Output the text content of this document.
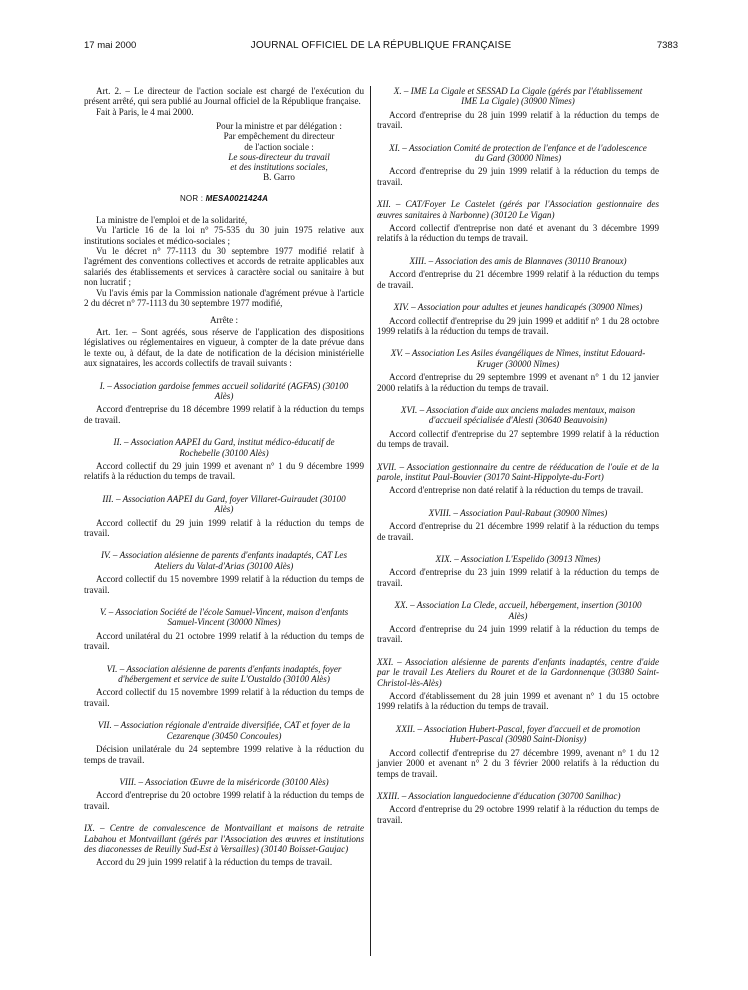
17 mai 2000	JOURNAL OFFICIEL DE LA RÉPUBLIQUE FRANÇAISE	7383

Art. 2. – Le directeur de l'action sociale est chargé de l'exécution du présent arrêté, qui sera publié au Journal officiel de la République française.

Fait à Paris, le 4 mai 2000.

Pour la ministre et par délégation :
Par empêchement du directeur
de l'action sociale :
Le sous-directeur du travail
et des institutions sociales,
B. Garro
NOR : MESA0021424A

La ministre de l'emploi et de la solidarité,

Vu l'article 16 de la loi n° 75-535 du 30 juin 1975 relative aux institutions sociales et médico-sociales ;

Vu le décret n° 77-1113 du 30 septembre 1977 modifié relatif à l'agrément des conventions collectives et accords de retraite applicables aux salariés des établissements et services à caractère social ou sanitaire à but non lucratif ;

Vu l'avis émis par la Commission nationale d'agrément prévue à l'article 2 du décret n° 77-1113 du 30 septembre 1977 modifié,

Arrête :

Art. 1er. – Sont agréés, sous réserve de l'application des dispositions législatives ou réglementaires en vigueur, à compter de la date prévue dans le texte ou, à défaut, de la date de notification de la décision ministérielle aux signataires, les accords collectifs de travail suivants :

I. – Association gardoise femmes accueil solidarité (AGFAS) (30100 Alès)

Accord d'entreprise du 18 décembre 1999 relatif à la réduction du temps de travail.

II. – Association AAPEI du Gard, institut médico-éducatif de Rochebelle (30100 Alès)

Accord collectif du 29 juin 1999 et avenant n° 1 du 9 décembre 1999 relatifs à la réduction du temps de travail.

III. – Association AAPEI du Gard, foyer Villaret-Guiraudet (30100 Alès)

Accord collectif du 29 juin 1999 relatif à la réduction du temps de travail.

IV. – Association alésienne de parents d'enfants inadaptés, CAT Les Ateliers du Valat-d'Arias (30100 Alès)

Accord collectif du 15 novembre 1999 relatif à la réduction du temps de travail.

V. – Association Société de l'école Samuel-Vincent, maison d'enfants Samuel-Vincent (30000 Nîmes)

Accord unilatéral du 21 octobre 1999 relatif à la réduction du temps de travail.

VI. – Association alésienne de parents d'enfants inadaptés, foyer d'hébergement et service de suite L'Oustaldo (30100 Alès)

Accord collectif du 15 novembre 1999 relatif à la réduction du temps de travail.

VII. – Association régionale d'entraide diversifiée, CAT et foyer de la Cezarenque (30450 Concoules)

Décision unilatérale du 24 septembre 1999 relative à la réduction du temps de travail.

VIII. – Association Œuvre de la miséricorde (30100 Alès)

Accord d'entreprise du 20 octobre 1999 relatif à la réduction du temps de travail.

IX. – Centre de convalescence de Montvaillant et maisons de retraite Labahou et Montvaillant (gérés par l'Association des œuvres et institutions des diaconesses de Reuilly Sud-Est à Versailles) (30140 Boisset-Gaujac)

Accord du 29 juin 1999 relatif à la réduction du temps de travail.

X. – IME La Cigale et SESSAD La Cigale (gérés par l'établissement IME La Cigale) (30900 Nîmes)

Accord d'entreprise du 28 juin 1999 relatif à la réduction du temps de travail.

XI. – Association Comité de protection de l'enfance et de l'adolescence du Gard (30000 Nîmes)

Accord d'entreprise du 29 juin 1999 relatif à la réduction du temps de travail.

XII. – CAT/Foyer Le Castelet (gérés par l'Association gestionnaire des œuvres sanitaires à Narbonne) (30120 Le Vigan)

Accord collectif d'entreprise non daté et avenant du 3 décembre 1999 relatifs à la réduction du temps de travail.

XIII. – Association des amis de Blannaves (30110 Branoux)

Accord d'entreprise du 21 décembre 1999 relatif à la réduction du temps de travail.

XIV. – Association pour adultes et jeunes handicapés (30900 Nîmes)

Accord collectif d'entreprise du 29 juin 1999 et additif n° 1 du 28 octobre 1999 relatifs à la réduction du temps de travail.

XV. – Association Les Asiles évangéliques de Nîmes, institut Edouard-Kruger (30000 Nîmes)

Accord d'entreprise du 29 septembre 1999 et avenant n° 1 du 12 janvier 2000 relatifs à la réduction du temps de travail.

XVI. – Association d'aide aux anciens malades mentaux, maison d'accueil spécialisée d'Alesti (30640 Beauvoisin)

Accord collectif d'entreprise du 27 septembre 1999 relatif à la réduction du temps de travail.

XVII. – Association gestionnaire du centre de rééducation de l'ouïe et de la parole, institut Paul-Bouvier (30170 Saint-Hippolyte-du-Fort)

Accord d'entreprise non daté relatif à la réduction du temps de travail.

XVIII. – Association Paul-Rabaut (30900 Nîmes)

Accord d'entreprise du 21 décembre 1999 relatif à la réduction du temps de travail.

XIX. – Association L'Espelido (30913 Nîmes)

Accord d'entreprise du 23 juin 1999 relatif à la réduction du temps de travail.

XX. – Association La Clede, accueil, hébergement, insertion (30100 Alès)

Accord d'entreprise du 24 juin 1999 relatif à la réduction du temps de travail.

XXI. – Association alésienne de parents d'enfants inadaptés, centre d'aide par le travail Les Ateliers du Rouret et de la Gardonnenque (30380 Saint-Christol-lès-Alès)

Accord d'établissement du 28 juin 1999 et avenant n° 1 du 15 octobre 1999 relatifs à la réduction du temps de travail.

XXII. – Association Hubert-Pascal, foyer d'accueil et de promotion Hubert-Pascal (30980 Saint-Dionisy)

Accord collectif d'entreprise du 27 décembre 1999, avenant n° 1 du 12 janvier 2000 et avenant n° 2 du 3 février 2000 relatifs à la réduction du temps de travail.

XXIII. – Association languedocienne d'éducation (30700 Sanilhac)

Accord d'entreprise du 29 octobre 1999 relatif à la réduction du temps de travail.
